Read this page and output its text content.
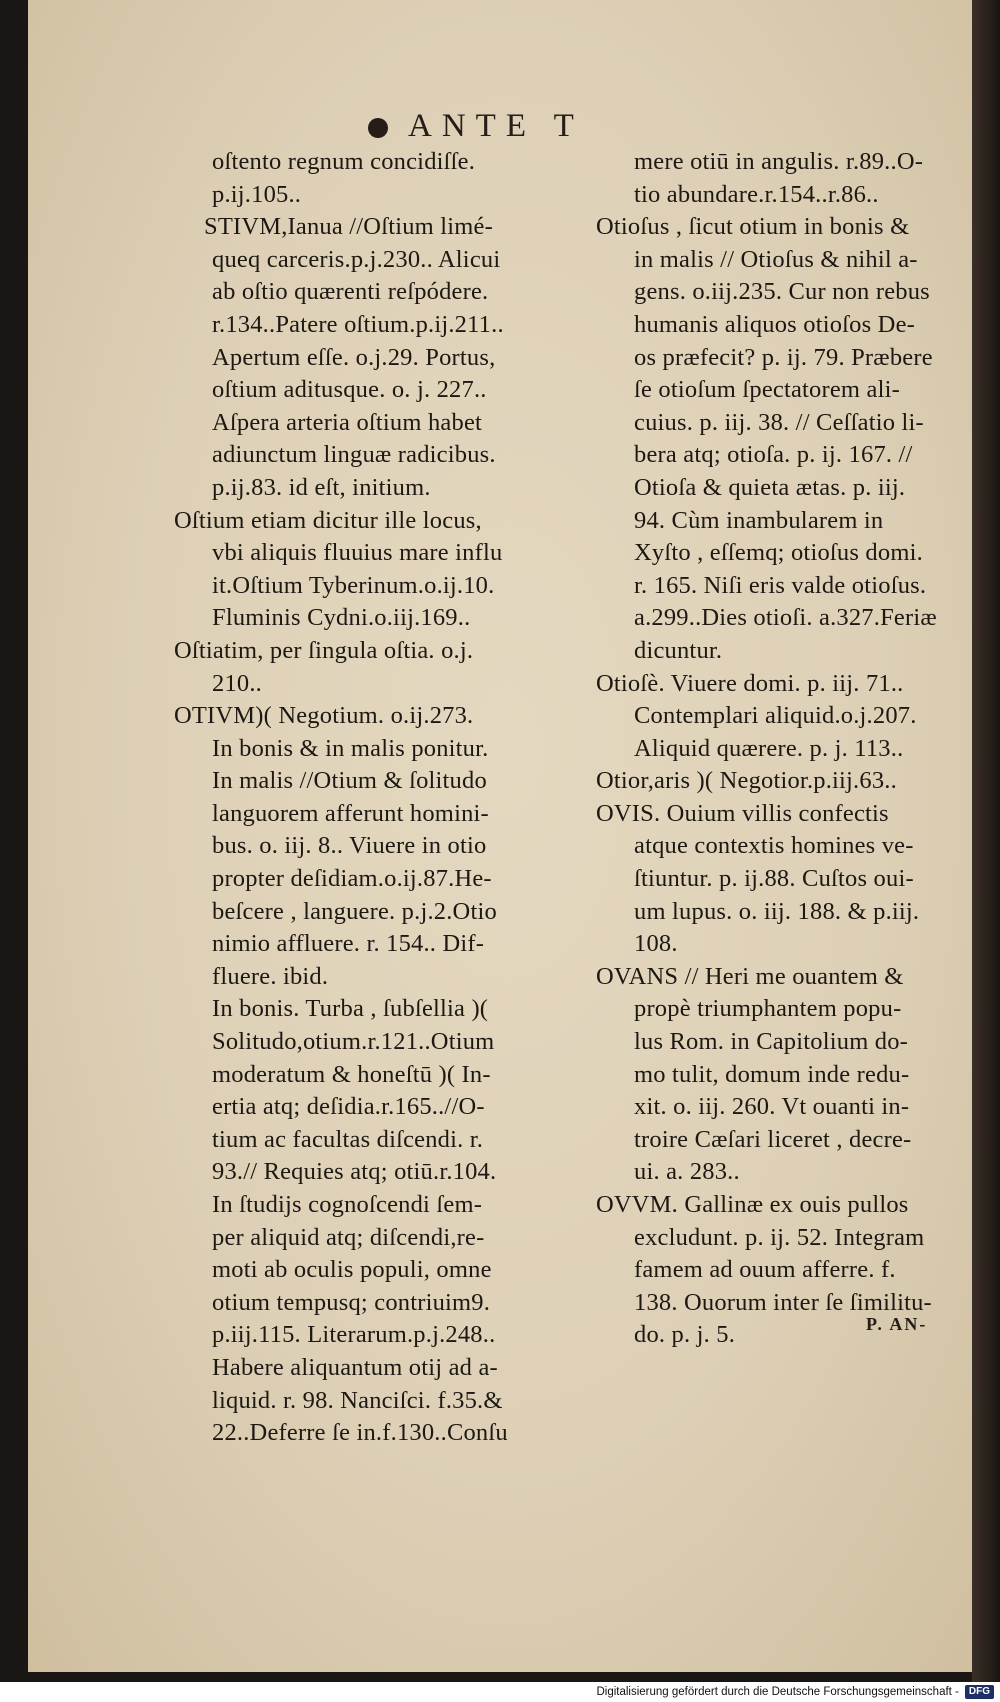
ANTE T

oſtento regnum concidiſſe.

p.ij.105..

STIVM,Ianua //Oſtium limé-

queq carceris.p.j.230.. Alicui

ab oſtio quærenti reſpódere.

r.134..Patere oſtium.p.ij.211..

Apertum eſſe. o.j.29. Portus,

oſtium aditusque. o. j. 227..

Aſpera arteria oſtium habet

adiunctum linguæ radicibus.

p.ij.83. id eſt, initium.

Oſtium etiam dicitur ille locus,

vbi aliquis fluuius mare influ

it.Oſtium Tyberinum.o.ij.10.

Fluminis Cydni.o.iij.169..

Oſtiatim, per ſingula oſtia. o.j.

210..

OTIVM)( Negotium. o.ij.273.

In bonis & in malis ponitur.

In malis //Otium & ſolitudo

languorem afferunt homini-

bus. o. iij. 8.. Viuere in otio

propter deſidiam.o.ij.87.He-

beſcere , languere. p.j.2.Otio

nimio affluere. r. 154.. Dif-

fluere. ibid.

In bonis. Turba , ſubſellia )(

Solitudo,otium.r.121..Otium

moderatum & honeſtū )( In-

ertia atq; deſidia.r.165..//O-

tium ac facultas diſcendi. r.

93.// Requies atq; otiū.r.104.

In ſtudijs cognoſcendi ſem-

per aliquid atq; diſcendi,re-

moti ab oculis populi, omne

otium tempusq; contriuim9.

p.iij.115. Literarum.p.j.248..

Habere aliquantum otij ad a-

liquid. r. 98. Nanciſci. f.35.&

22..Deferre ſe in.f.130..Conſu

mere otiū in angulis. r.89..O-

tio abundare.r.154..r.86..

Otioſus , ſicut otium in bonis &

in malis // Otioſus & nihil a-

gens. o.iij.235. Cur non rebus

humanis aliquos otioſos De-

os præfecit? p. ij. 79. Præbere

ſe otioſum ſpectatorem ali-

cuius. p. iij. 38. // Ceſſatio li-

bera atq; otioſa. p. ij. 167. //

Otioſa & quieta ætas. p. iij.

94. Cùm inambularem in

Xyſto , eſſemq; otioſus domi.

r. 165. Niſi eris valde otioſus.

a.299..Dies otioſi. a.327.Feriæ

dicuntur.

Otioſè. Viuere domi. p. iij. 71..

Contemplari aliquid.o.j.207.

Aliquid quærere. p. j. 113..

Otior,aris )( Negotior.p.iij.63..

OVIS. Ouium villis confectis

atque contextis homines ve-

ſtiuntur. p. ij.88. Cuſtos oui-

um lupus. o. iij. 188. & p.iij.

108.

OVANS // Heri me ouantem &

propè triumphantem popu-

lus Rom. in Capitolium do-

mo tulit, domum inde redu-

xit. o. iij. 260. Vt ouanti in-

troire Cæſari liceret , decre-

ui. a. 283..

OVVM. Gallinæ ex ouis pullos

excludunt. p. ij. 52. Integram

famem ad ouum afferre. f.

138. Ouorum inter ſe ſimilitu-

do. p. j. 5.	P. AN-
Digitalisierung gefördert durch die Deutsche Forschungsgemeinschaft - DFG
